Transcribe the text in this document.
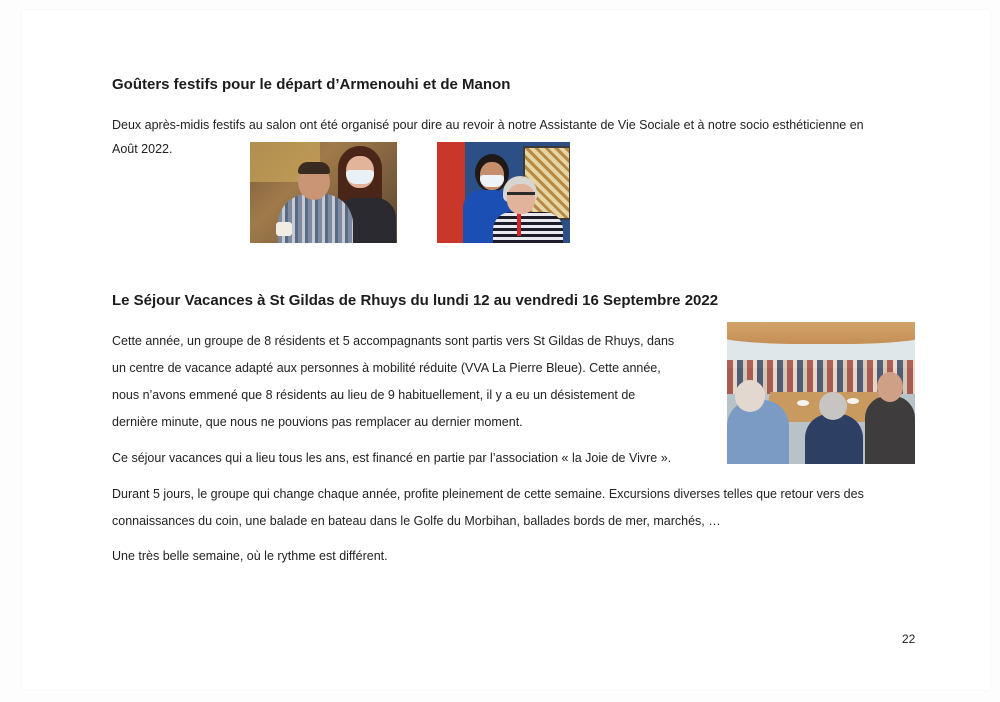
Goûters festifs pour le départ d’Armenouhi et de Manon

Deux après-midis festifs au salon ont été organisé pour dire au revoir à notre Assistante de Vie Sociale et à notre socio esthéticienne en

Août 2022.

Le Séjour Vacances à St Gildas de Rhuys du lundi 12 au vendredi 16 Septembre 2022

Cette année, un groupe de 8 résidents et 5 accompagnants sont partis vers St Gildas de Rhuys, dans

un centre de vacance adapté aux personnes à mobilité réduite (VVA La Pierre Bleue). Cette année,

nous n’avons emmené que 8 résidents au lieu de 9 habituellement, il y a eu un désistement de

dernière minute, que nous ne pouvions pas remplacer au dernier moment.

Ce séjour vacances qui a lieu tous les ans, est financé en partie par l’association « la Joie de Vivre ».

Durant 5 jours, le groupe qui change chaque année, profite pleinement de cette semaine. Excursions diverses telles que retour vers des

connaissances du coin, une balade en bateau dans le Golfe du Morbihan, ballades bords de mer, marchés, …

Une très belle semaine, où le rythme est différent.

22
